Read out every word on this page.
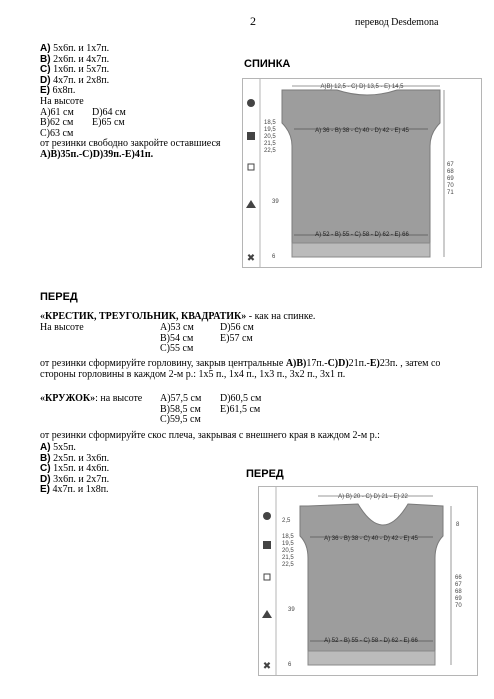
2	перевод Desdemona
A) 5х6п. и 1х7п.
B) 2х6п. и 4х7п.
C) 1х6п. и 5х7п.
D) 4х7п. и 2х8п.
E) 6х8п.
На высоте
A)61 см D)64 см
B)62 см E)65 см
C)63 см
от резинки свободно закройте оставшиеся
A)B)35п.-C)D)39п.-E)41п.
СПИНКА
✖
A)B) 12,5 - C) D) 13,5 - E) 14,5
18,5
19,5
20,5
21,5
22,5
A) 36 - B) 38 - C) 40 - D) 42 - E) 45
39
A) 52 - B) 55 - C) 58 - D) 62 - E) 66
6
67
68
69
70
71
ПЕРЕД
«КРЕСТИК, ТРЕУГОЛЬНИК, КВАДРАТИК» - как на спинке.
На высоте	A)53 см	D)56 см
B)54 см	E)57 см
C)55 см
от резинки сформируйте горловину, закрыв центральные A)B)17п.-C)D)21п.-E)23п. , затем со
стороны горловины в каждом 2-м р.: 1х5 п., 1х4 п., 1х3 п., 3х2 п., 3х1 п.
«КРУЖОК»: на высоте A)57,5 см D)60,5 см
B)58,5 см E)61,5 см
C)59,5 см
от резинки сформируйте скос плеча, закрывая с внешнего края в каждом 2-м р.:
A) 5х5п.
B) 2х5п. и 3х6п.
C) 1х5п. и 4х6п.
D) 3х6п. и 2х7п.
E) 4х7п. и 1х8п.
ПЕРЕД
✖
A) B) 20 - C) D) 21 - E) 22
2,5
18,5
19,5
20,5
21,5
22,5
A) 36 - B) 38 - C) 40 - D) 42 - E) 45
8
39
A) 52 - B) 55 - C) 58 - D) 62 - E) 66
6
66
67
68
69
70
